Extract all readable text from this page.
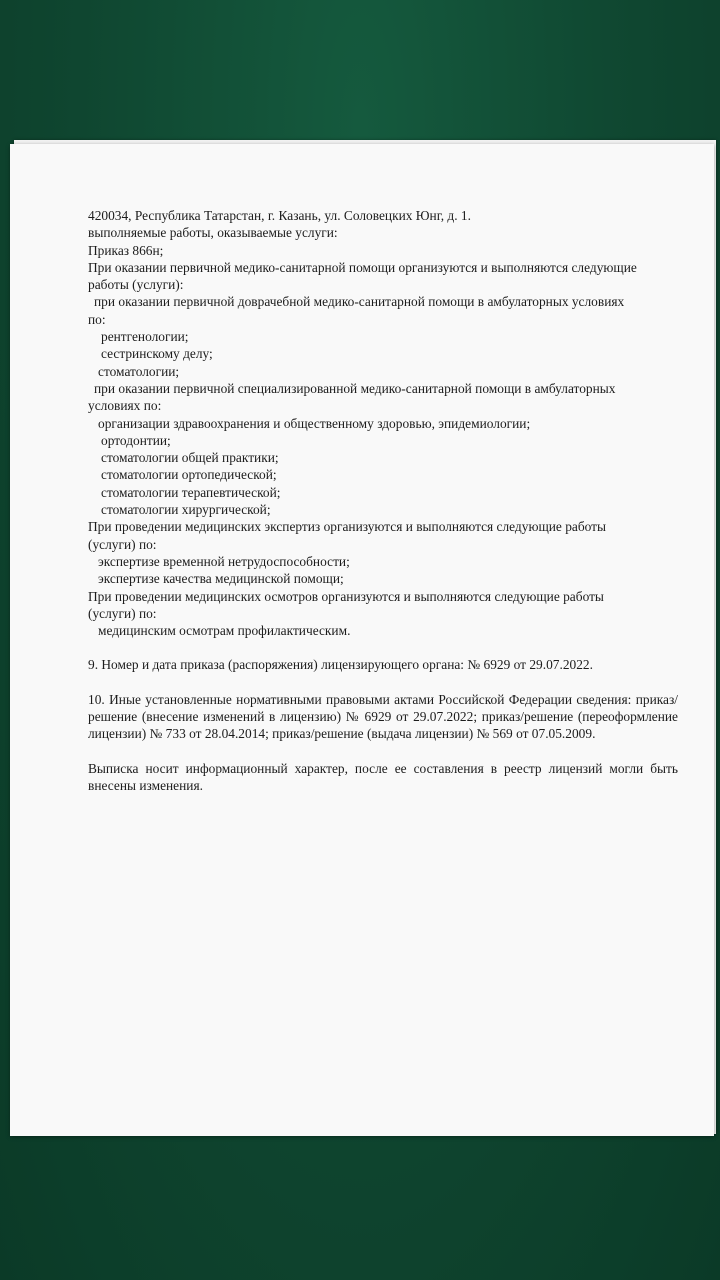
420034, Республика Татарстан, г. Казань, ул. Соловецких Юнг, д. 1.
выполняемые работы, оказываемые услуги:
Приказ 866н;
При оказании первичной медико-санитарной помощи организуются и выполняются следующие
работы (услуги):
при оказании первичной доврачебной медико-санитарной помощи в амбулаторных условиях
по:
рентгенологии;
сестринскому делу;
стоматологии;
при оказании первичной специализированной медико-санитарной помощи в амбулаторных
условиях по:
организации здравоохранения и общественному здоровью, эпидемиологии;
ортодонтии;
стоматологии общей практики;
стоматологии ортопедической;
стоматологии терапевтической;
стоматологии хирургической;
При проведении медицинских экспертиз организуются и выполняются следующие работы
(услуги) по:
экспертизе временной нетрудоспособности;
экспертизе качества медицинской помощи;
При проведении медицинских осмотров организуются и выполняются следующие работы
(услуги) по:
медицинским осмотрам профилактическим.
9. Номер и дата приказа (распоряжения) лицензирующего органа: № 6929 от 29.07.2022.
10. Иные установленные нормативными правовыми актами Российской Федерации сведения: приказ/решение (внесение изменений в лицензию) № 6929 от 29.07.2022; приказ/решение (переоформление лицензии) № 733 от 28.04.2014; приказ/решение (выдача лицензии) № 569 от 07.05.2009.
Выписка носит информационный характер, после ее составления в реестр лицензий могли быть внесены изменения.
